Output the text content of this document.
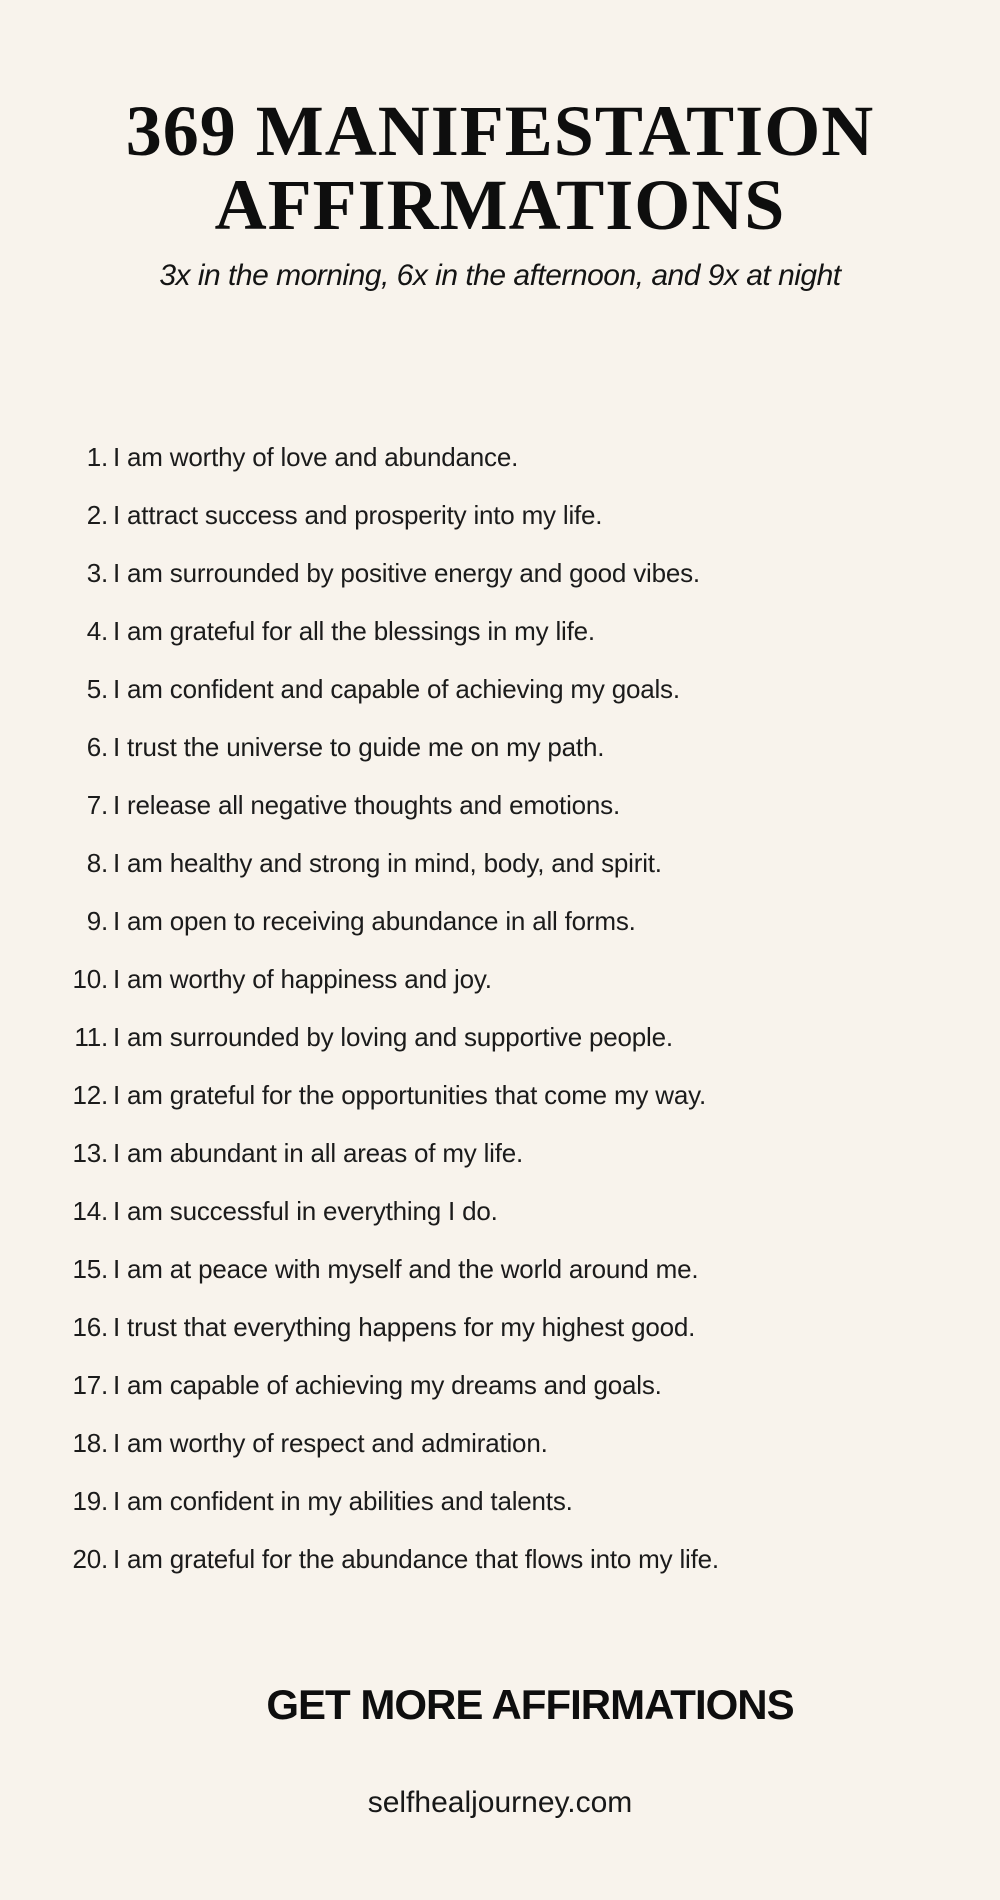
369 MANIFESTATION
AFFIRMATIONS
3x in the morning, 6x in the afternoon, and 9x at night
1. I am worthy of love and abundance.
2. I attract success and prosperity into my life.
3. I am surrounded by positive energy and good vibes.
4. I am grateful for all the blessings in my life.
5. I am confident and capable of achieving my goals.
6. I trust the universe to guide me on my path.
7. I release all negative thoughts and emotions.
8. I am healthy and strong in mind, body, and spirit.
9. I am open to receiving abundance in all forms.
10. I am worthy of happiness and joy.
11. I am surrounded by loving and supportive people.
12. I am grateful for the opportunities that come my way.
13. I am abundant in all areas of my life.
14. I am successful in everything I do.
15. I am at peace with myself and the world around me.
16. I trust that everything happens for my highest good.
17. I am capable of achieving my dreams and goals.
18. I am worthy of respect and admiration.
19. I am confident in my abilities and talents.
20. I am grateful for the abundance that flows into my life.
GET MORE AFFIRMATIONS
selfhealjourney.com
